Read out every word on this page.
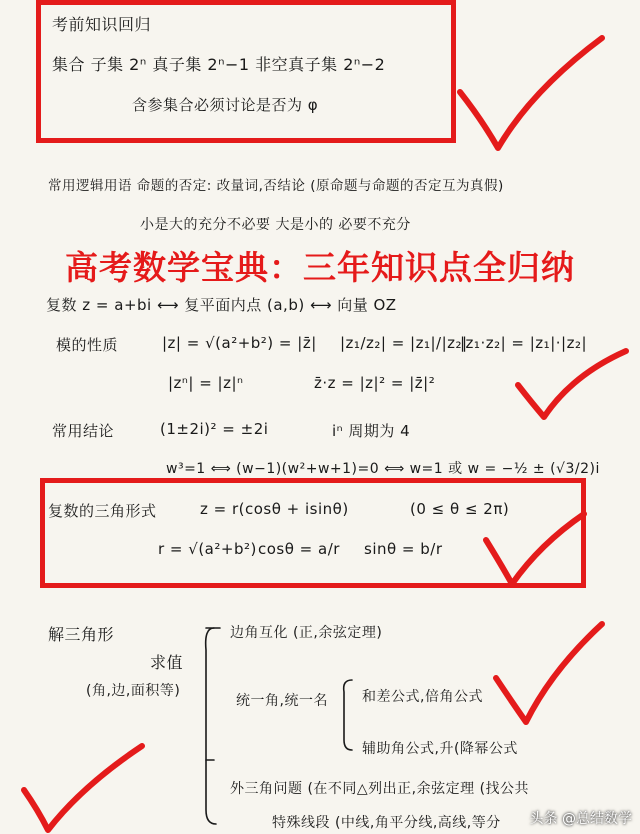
考前知识回归
集合 子集 2ⁿ 真子集 2ⁿ−1 非空真子集 2ⁿ−2
含参集合必须讨论是否为 φ
常用逻辑用语 命题的否定: 改量词,否结论 (原命题与命题的否定互为真假)
小是大的充分不必要 大是小的 必要不充分
高考数学宝典：三年知识点全归纳
复数 z = a+bi ⟷ 复平面内点 (a,b) ⟷ 向量 OZ
模的性质	|z| = √(a²+b²) = |z̄| |z₁/z₂| = |z₁|/|z₂|
|z₁·z₂| = |z₁|·|z₂|
|zⁿ| = |z|ⁿ	z̄·z = |z|² = |z̄|²
常用结论	(1±2i)² = ±2i	iⁿ 周期为 4
w³=1 ⟺ (w−1)(w²+w+1)=0 ⟺ w=1 或 w = −½ ± (√3/2)i
复数的三角形式	z = r(cosθ + isinθ)	(0 ≤ θ ≤ 2π)
r = √(a²+b²) cosθ = a/r sinθ = b/r
解三角形
求值
(角,边,面积等)
边角互化 (正,余弦定理)
统一角,统一名 和差公式,倍角公式
辅助角公式,升(降幂公式
外三角问题 (在不同△列出正,余弦定理 (找公共
特殊线段 (中线,角平分线,高线,等分 头条 @总结数学
